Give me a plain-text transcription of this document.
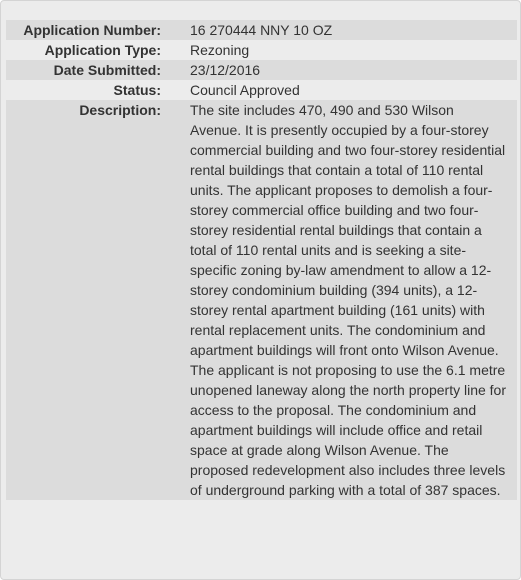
Application Number:	16 270444 NNY 10 OZ
Application Type:	Rezoning
Date Submitted:	23/12/2016
Status:	Council Approved
Description:	The site includes 470, 490 and 530 Wilson Avenue. It is presently occupied by a four-storey commercial building and two four-storey residential rental buildings that contain a total of 110 rental units. The applicant proposes to demolish a four-storey commercial office building and two four-storey residential rental buildings that contain a total of 110 rental units and is seeking a site-specific zoning by-law amendment to allow a 12-storey condominium building (394 units), a 12-storey rental apartment building (161 units) with rental replacement units. The condominium and apartment buildings will front onto Wilson Avenue. The applicant is not proposing to use the 6.1 metre unopened laneway along the north property line for access to the proposal. The condominium and apartment buildings will include office and retail space at grade along Wilson Avenue. The proposed redevelopment also includes three levels of underground parking with a total of 387 spaces.
